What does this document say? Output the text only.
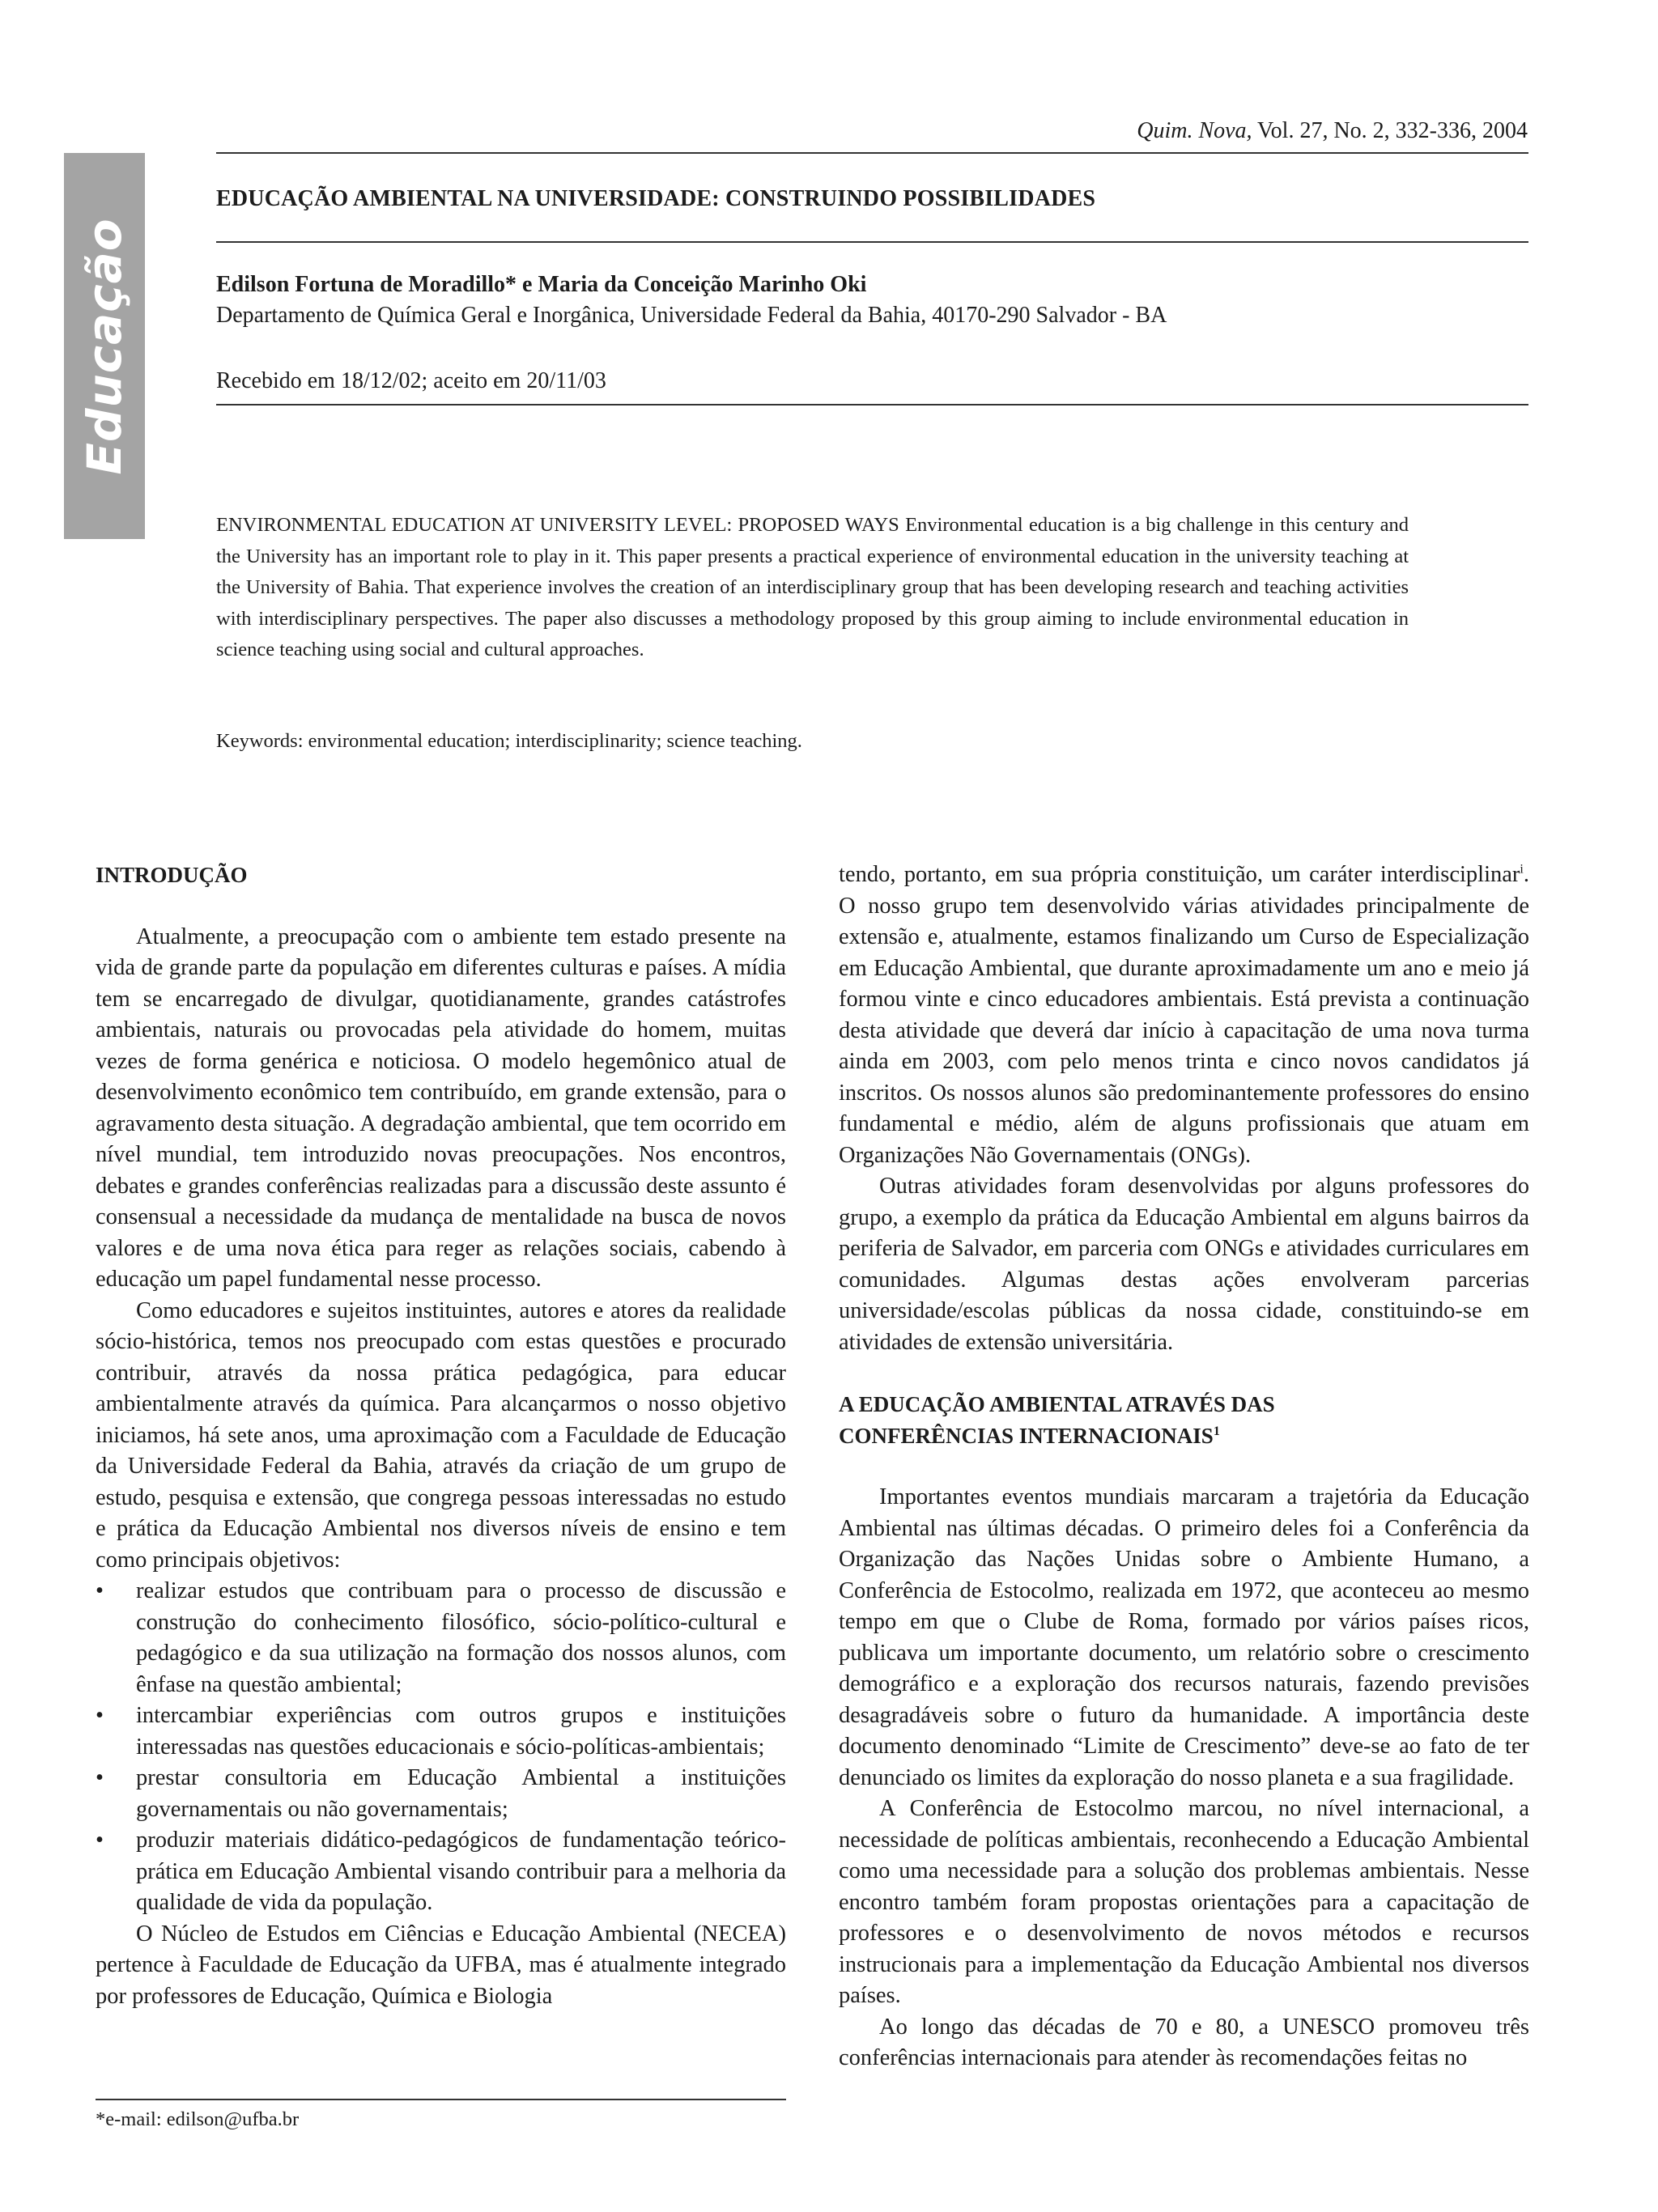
Educação
Quim. Nova, Vol. 27, No. 2, 332-336, 2004
EDUCAÇÃO AMBIENTAL NA UNIVERSIDADE: CONSTRUINDO POSSIBILIDADES
Edilson Fortuna de Moradillo* e Maria da Conceição Marinho Oki
Departamento de Química Geral e Inorgânica, Universidade Federal da Bahia, 40170-290 Salvador - BA
Recebido em 18/12/02; aceito em 20/11/03

ENVIRONMENTAL EDUCATION AT UNIVERSITY LEVEL: PROPOSED WAYS Environmental education is a big challenge in this century and the University has an important role to play in it. This paper presents a practical experience of environmental education in the university teaching at the University of Bahia. That experience involves the creation of an interdisciplinary group that has been developing research and teaching activities with interdisciplinary perspectives. The paper also discusses a methodology proposed by this group aiming to include environmental education in science teaching using social and cultural approaches.

Keywords: environmental education; interdisciplinarity; science teaching.
INTRODUÇÃO

Atualmente, a preocupação com o ambiente tem estado presente na vida de grande parte da população em diferentes culturas e países. A mídia tem se encarregado de divulgar, quotidianamente, grandes catástrofes ambientais, naturais ou provocadas pela atividade do homem, muitas vezes de forma genérica e noticiosa. O modelo hegemônico atual de desenvolvimento econômico tem contribuído, em grande extensão, para o agravamento desta situação. A degradação ambiental, que tem ocorrido em nível mundial, tem introduzido novas preocupações. Nos encontros, debates e grandes conferências realizadas para a discussão deste assunto é consensual a necessidade da mudança de mentalidade na busca de novos valores e de uma nova ética para reger as relações sociais, cabendo à educação um papel fundamental nesse processo.

Como educadores e sujeitos instituintes, autores e atores da realidade sócio-histórica, temos nos preocupado com estas questões e procurado contribuir, através da nossa prática pedagógica, para educar ambientalmente através da química. Para alcançarmos o nosso objetivo iniciamos, há sete anos, uma aproximação com a Faculdade de Educação da Universidade Federal da Bahia, através da criação de um grupo de estudo, pesquisa e extensão, que congrega pessoas interessadas no estudo e prática da Educação Ambiental nos diversos níveis de ensino e tem como principais objetivos:

• realizar estudos que contribuam para o processo de discussão e construção do conhecimento filosófico, sócio-político-cultural e pedagógico e da sua utilização na formação dos nossos alunos, com ênfase na questão ambiental;
• intercambiar experiências com outros grupos e instituições interessadas nas questões educacionais e sócio-políticas-ambientais;
• prestar consultoria em Educação Ambiental a instituições governamentais ou não governamentais;
• produzir materiais didático-pedagógicos de fundamentação teórico-prática em Educação Ambiental visando contribuir para a melhoria da qualidade de vida da população.

O Núcleo de Estudos em Ciências e Educação Ambiental (NECEA) pertence à Faculdade de Educação da UFBA, mas é atualmente integrado por professores de Educação, Química e Biologia

tendo, portanto, em sua própria constituição, um caráter interdisciplinar$^i$. O nosso grupo tem desenvolvido várias atividades principalmente de extensão e, atualmente, estamos finalizando um Curso de Especialização em Educação Ambiental, que durante aproximadamente um ano e meio já formou vinte e cinco educadores ambientais. Está prevista a continuação desta atividade que deverá dar início à capacitação de uma nova turma ainda em 2003, com pelo menos trinta e cinco novos candidatos já inscritos. Os nossos alunos são predominantemente professores do ensino fundamental e médio, além de alguns profissionais que atuam em Organizações Não Governamentais (ONGs).

Outras atividades foram desenvolvidas por alguns professores do grupo, a exemplo da prática da Educação Ambiental em alguns bairros da periferia de Salvador, em parceria com ONGs e atividades curriculares em comunidades. Algumas destas ações envolveram parcerias universidade/escolas públicas da nossa cidade, constituindo-se em atividades de extensão universitária.

A EDUCAÇÃO AMBIENTAL ATRAVÉS DAS
CONFERÊNCIAS INTERNACIONAIS$^1$

Importantes eventos mundiais marcaram a trajetória da Educação Ambiental nas últimas décadas. O primeiro deles foi a Conferência da Organização das Nações Unidas sobre o Ambiente Humano, a Conferência de Estocolmo, realizada em 1972, que aconteceu ao mesmo tempo em que o Clube de Roma, formado por vários países ricos, publicava um importante documento, um relatório sobre o crescimento demográfico e a exploração dos recursos naturais, fazendo previsões desagradáveis sobre o futuro da humanidade. A importância deste documento denominado “Limite de Crescimento” deve-se ao fato de ter denunciado os limites da exploração do nosso planeta e a sua fragilidade.

A Conferência de Estocolmo marcou, no nível internacional, a necessidade de políticas ambientais, reconhecendo a Educação Ambiental como uma necessidade para a solução dos problemas ambientais. Nesse encontro também foram propostas orientações para a capacitação de professores e o desenvolvimento de novos métodos e recursos instrucionais para a implementação da Educação Ambiental nos diversos países.

Ao longo das décadas de 70 e 80, a UNESCO promoveu três conferências internacionais para atender às recomendações feitas no

*e-mail: edilson@ufba.br
